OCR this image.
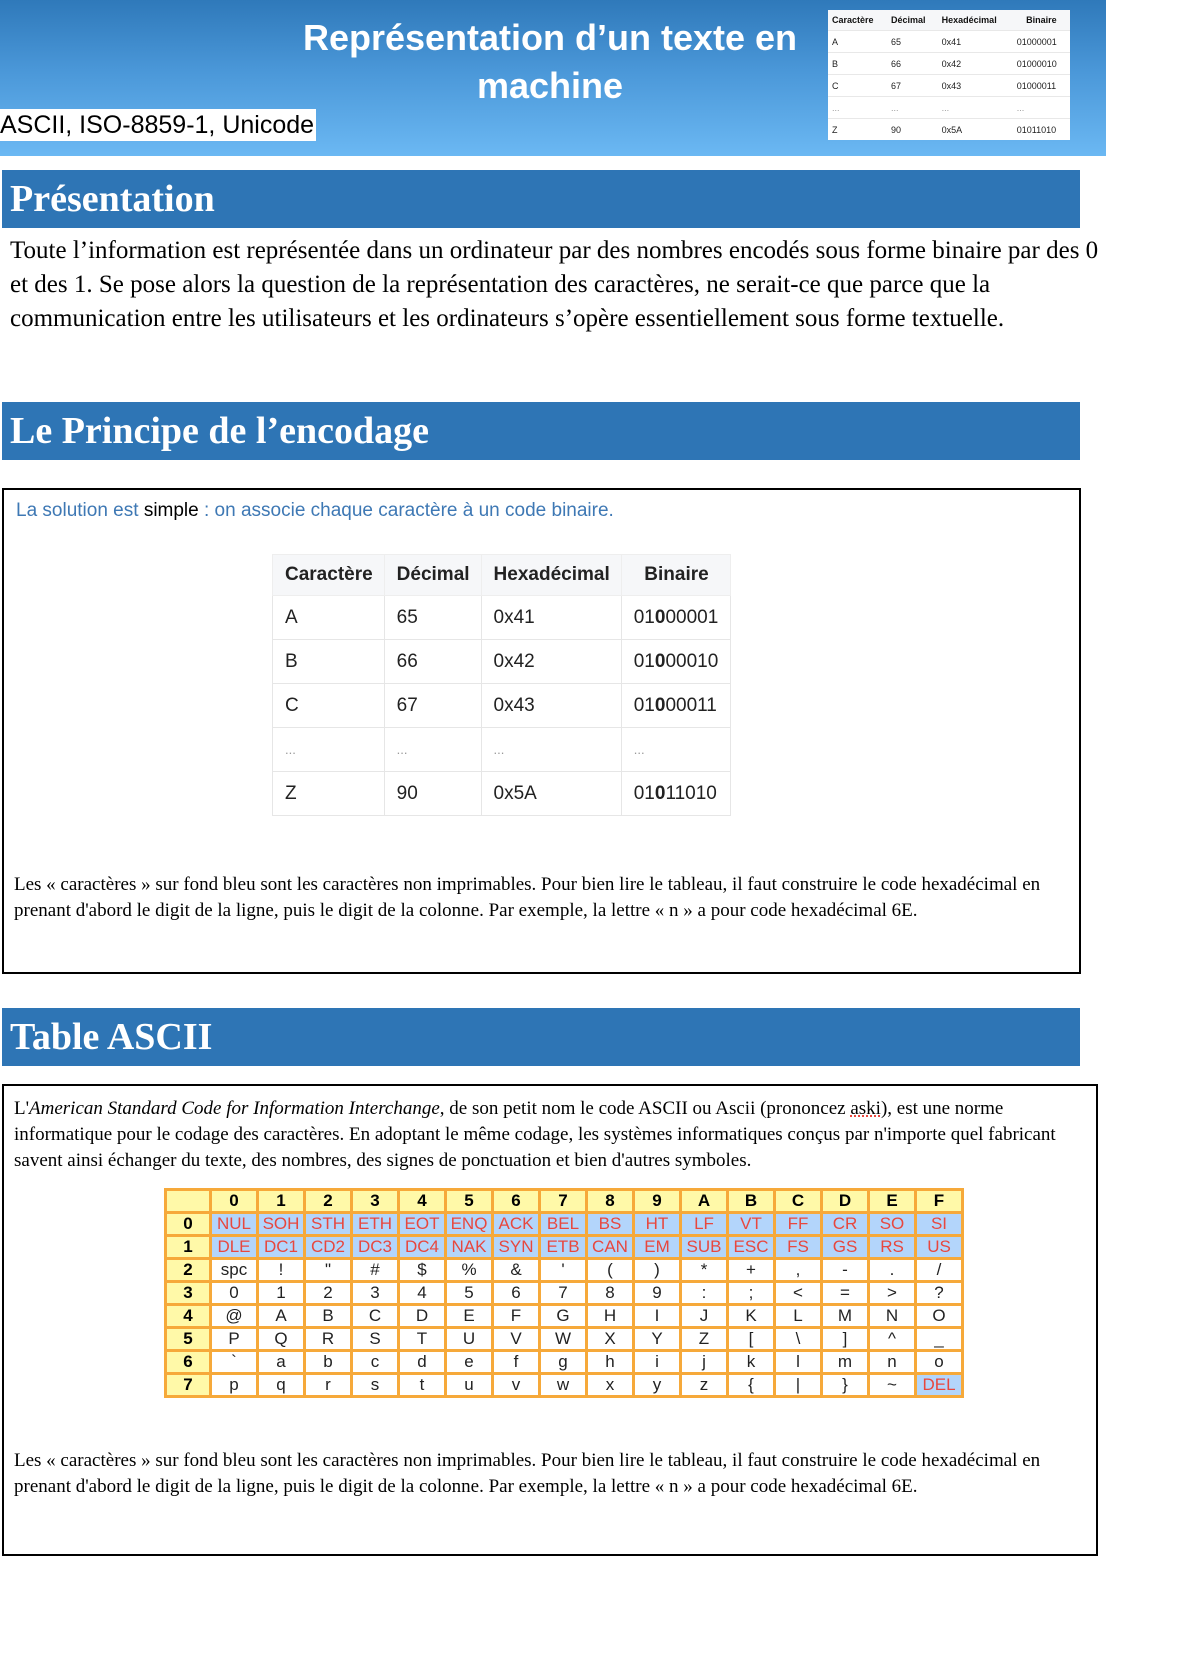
Représentation d’un texte en machine
ASCII, ISO-8859-1, Unicode
Caractère	Décimal	Hexadécimal	Binaire
A	65	0x41	01000001
B	66	0x42	01000010
C	67	0x43	01000011
...	...	...	...
Z	90	0x5A	01011010
Présentation
Toute l’information est représentée dans un ordinateur par des nombres encodés sous forme binaire par des 0 et des 1. Se pose alors la question de la représentation des caractères, ne serait-ce que parce que la communication entre les utilisateurs et les ordinateurs s’opère essentiellement sous forme textuelle.
Le Principe de l’encodage
La solution est simple : on associe chaque caractère à un code binaire.
Caractère	Décimal	Hexadécimal	Binaire
A	65	0x41	01000001
B	66	0x42	01000010
C	67	0x43	01000011
...	...	...	...
Z	90	0x5A	01011010
Les « caractères » sur fond bleu sont les caractères non imprimables. Pour bien lire le tableau, il faut construire le code hexadécimal en prenant d'abord le digit de la ligne, puis le digit de la colonne. Par exemple, la lettre « n » a pour code hexadécimal 6E.
Table ASCII
L'American Standard Code for Information Interchange, de son petit nom le code ASCII ou Ascii (prononcez aski), est une norme informatique pour le codage des caractères. En adoptant le même codage, les systèmes informatiques conçus par n'importe quel fabricant savent ainsi échanger du texte, des nombres, des signes de ponctuation et bien d'autres symboles.
	0	1	2	3	4	5	6	7	8	9	A	B	C	D	E	F
0	NUL	SOH	STH	ETH	EOT	ENQ	ACK	BEL	BS	HT	LF	VT	FF	CR	SO	SI
1	DLE	DC1	CD2	DC3	DC4	NAK	SYN	ETB	CAN	EM	SUB	ESC	FS	GS	RS	US
2	spc	!	"	#	$	%	&	'	(	)	*	+	,	-	.	/
3	0	1	2	3	4	5	6	7	8	9	:	;	<	=	>	?
4	@	A	B	C	D	E	F	G	H	I	J	K	L	M	N	O
5	P	Q	R	S	T	U	V	W	X	Y	Z	[	\	]	^	_
6	`	a	b	c	d	e	f	g	h	i	j	k	l	m	n	o
7	p	q	r	s	t	u	v	w	x	y	z	{	|	}	~	DEL
Les « caractères » sur fond bleu sont les caractères non imprimables. Pour bien lire le tableau, il faut construire le code hexadécimal en prenant d'abord le digit de la ligne, puis le digit de la colonne. Par exemple, la lettre « n » a pour code hexadécimal 6E.
